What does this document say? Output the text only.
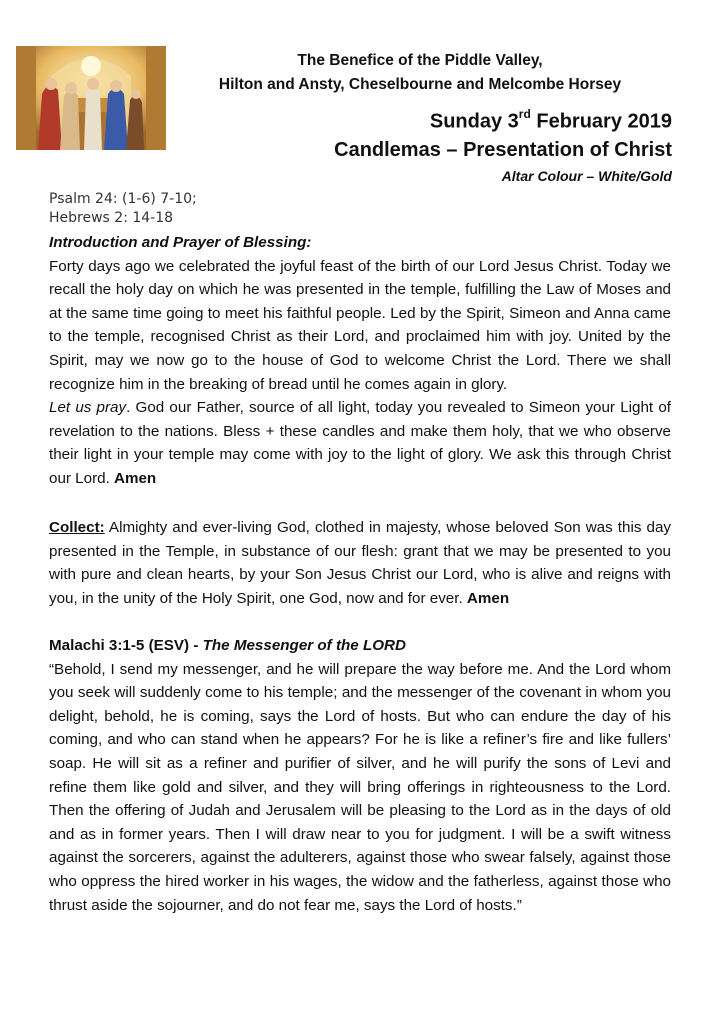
The Benefice of the Piddle Valley,
Hilton and Ansty, Cheselbourne and Melcombe Horsey
Sunday 3rd February 2019
Candlemas – Presentation of Christ
Altar Colour – White/Gold
Psalm 24: (1-6) 7-10;
Hebrews 2: 14-18

Introduction and Prayer of Blessing:

Forty days ago we celebrated the joyful feast of the birth of our Lord Jesus Christ. Today we recall the holy day on which he was presented in the temple, fulfilling the Law of Moses and at the same time going to meet his faithful people. Led by the Spirit, Simeon and Anna came to the temple, recognised Christ as their Lord, and proclaimed him with joy. United by the Spirit, may we now go to the house of God to welcome Christ the Lord. There we shall recognize him in the breaking of bread until he comes again in glory.

Let us pray. God our Father, source of all light, today you revealed to Simeon your Light of revelation to the nations. Bless + these candles and make them holy, that we who observe their light in your temple may come with joy to the light of glory. We ask this through Christ our Lord. Amen

Collect: Almighty and ever-living God, clothed in majesty, whose beloved Son was this day presented in the Temple, in substance of our flesh: grant that we may be presented to you with pure and clean hearts, by your Son Jesus Christ our Lord, who is alive and reigns with you, in the unity of the Holy Spirit, one God, now and for ever. Amen

Malachi 3:1-5 (ESV) - The Messenger of the LORD

“Behold, I send my messenger, and he will prepare the way before me. And the Lord whom you seek will suddenly come to his temple; and the messenger of the covenant in whom you delight, behold, he is coming, says the Lord of hosts. But who can endure the day of his coming, and who can stand when he appears? For he is like a refiner’s fire and like fullers’ soap. He will sit as a refiner and purifier of silver, and he will purify the sons of Levi and refine them like gold and silver, and they will bring offerings in righteousness to the Lord. Then the offering of Judah and Jerusalem will be pleasing to the Lord as in the days of old and as in former years. Then I will draw near to you for judgment. I will be a swift witness against the sorcerers, against the adulterers, against those who swear falsely, against those who oppress the hired worker in his wages, the widow and the fatherless, against those who thrust aside the sojourner, and do not fear me, says the Lord of hosts.”
